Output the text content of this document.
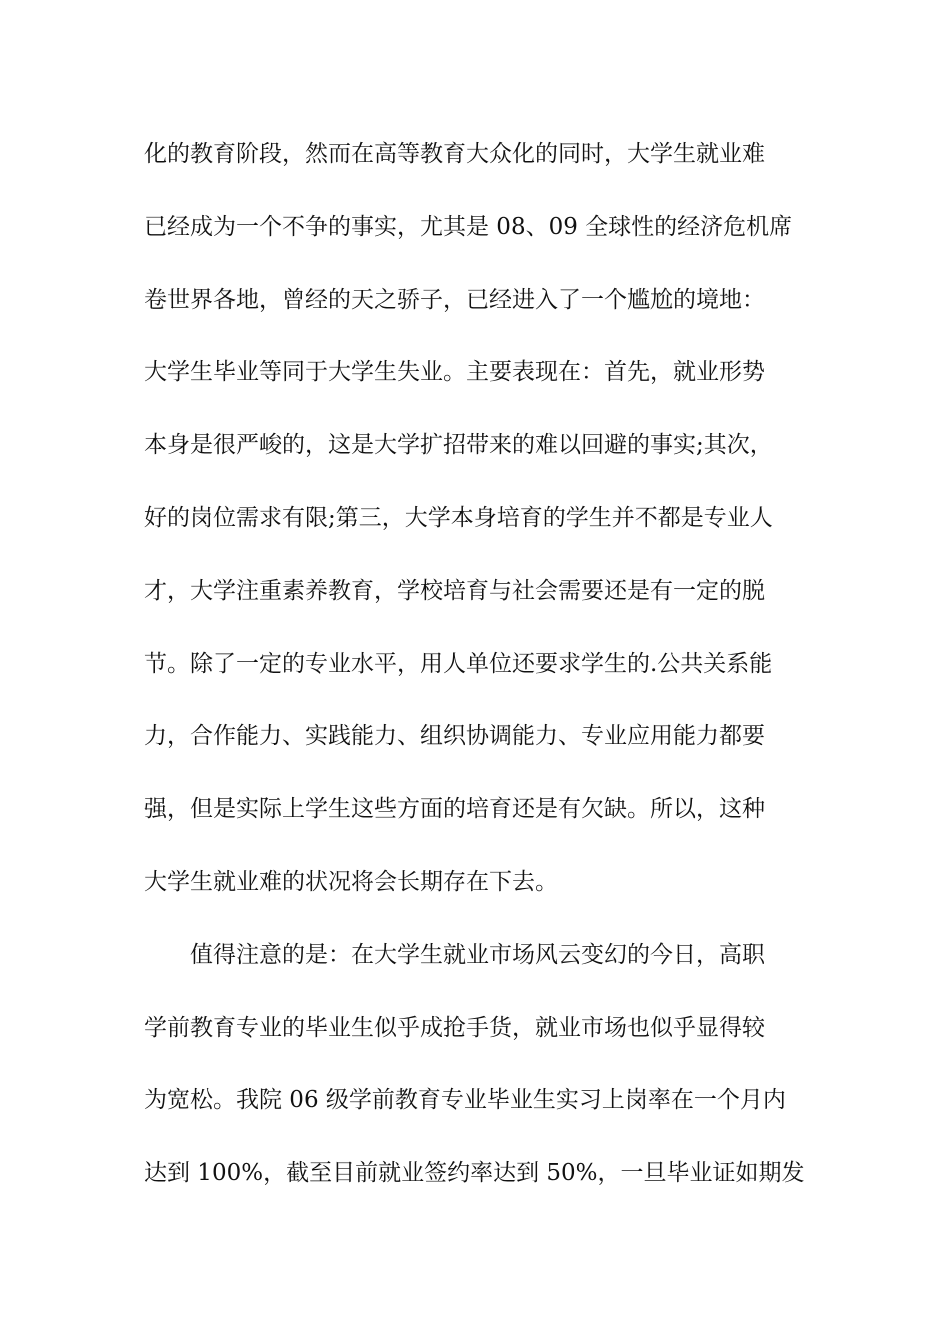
化的教育阶段，然而在高等教育大众化的同时，大学生就业难
已经成为一个不争的事实，尤其是 08、09 全球性的经济危机席
卷世界各地，曾经的天之骄子，已经进入了一个尴尬的境地：
大学生毕业等同于大学生失业。主要表现在：首先，就业形势
本身是很严峻的，这是大学扩招带来的难以回避的事实;其次，
好的岗位需求有限;第三，大学本身培育的学生并不都是专业人
才，大学注重素养教育，学校培育与社会需要还是有一定的脱
节。除了一定的专业水平，用人单位还要求学生的.公共关系能
力，合作能力、实践能力、组织协调能力、专业应用能力都要
强，但是实际上学生这些方面的培育还是有欠缺。所以，这种
大学生就业难的状况将会长期存在下去。
值得注意的是：在大学生就业市场风云变幻的今日，高职
学前教育专业的毕业生似乎成抢手货，就业市场也似乎显得较
为宽松。我院 06 级学前教育专业毕业生实习上岗率在一个月内
达到 100%，截至目前就业签约率达到 50%，一旦毕业证如期发
